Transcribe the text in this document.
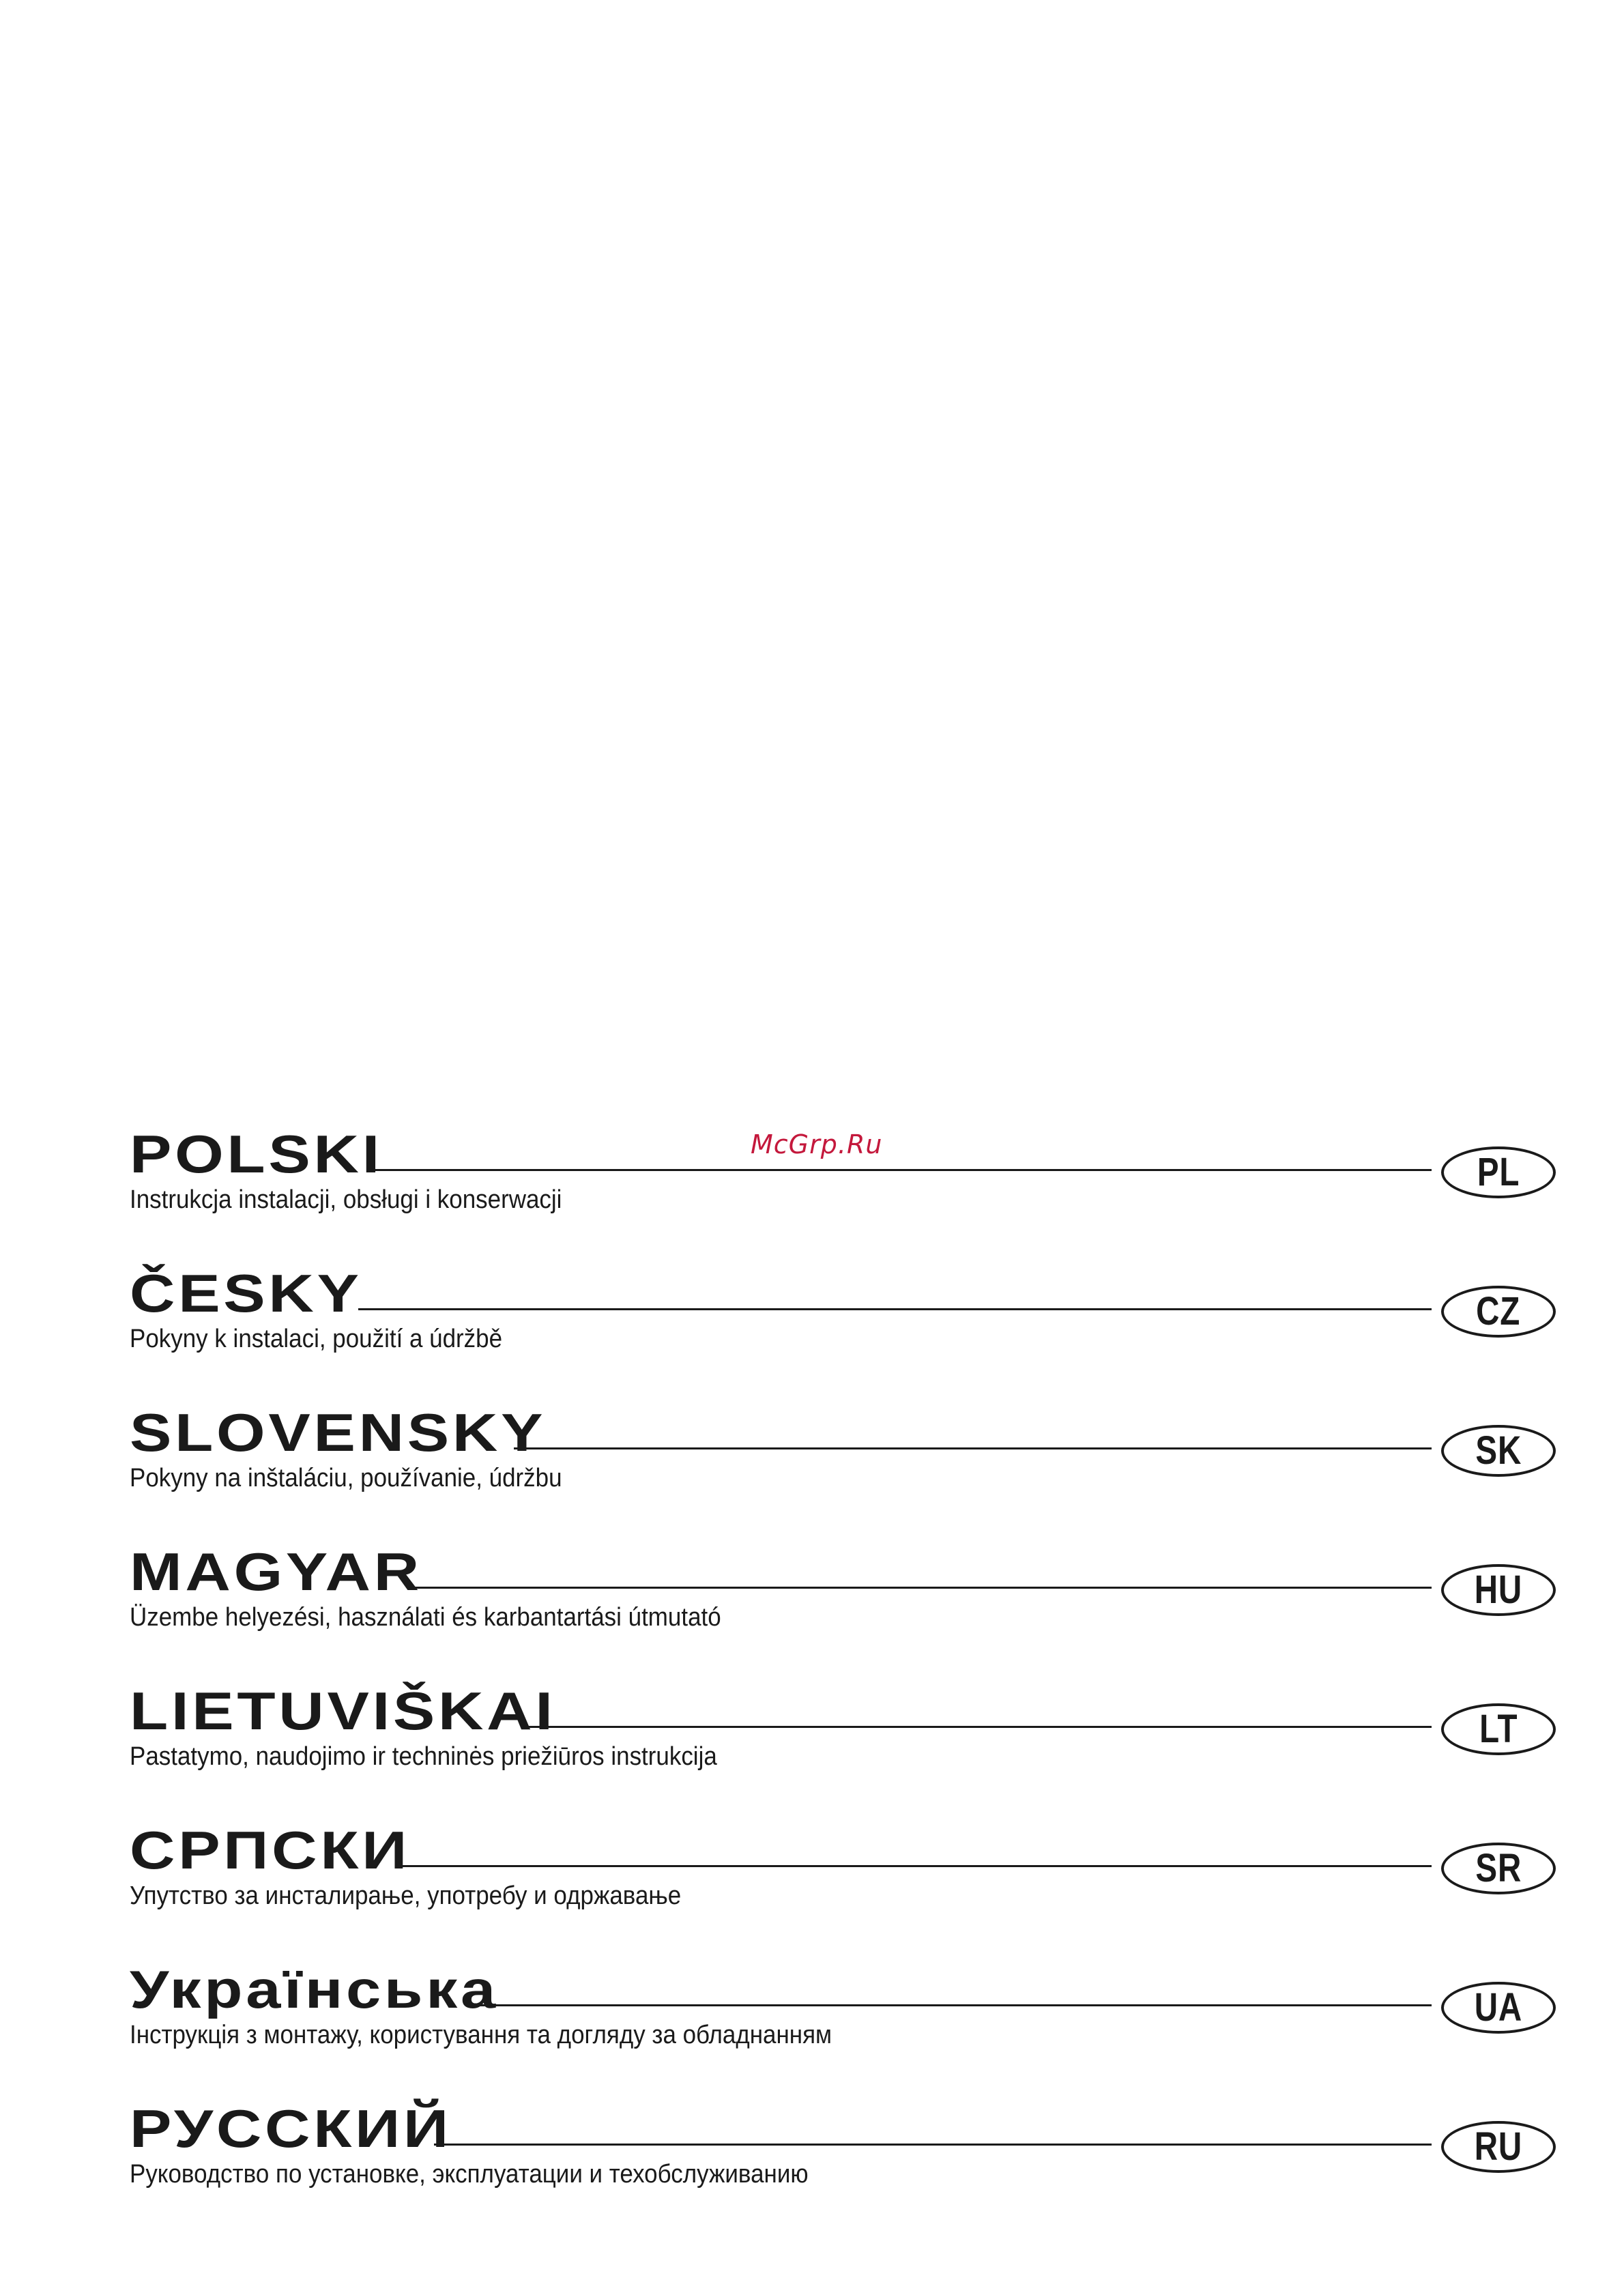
McGrp.Ru
POLSKI	PL
Instrukcja instalacji, obsługi i konserwacji
ČESKY	CZ
Pokyny k instalaci, použití a údržbě
SLOVENSKY	SK
Pokyny na inštaláciu, používanie, údržbu
MAGYAR	HU
Üzembe helyezési, használati és karbantartási útmutató
LIETUVIŠKAI	LT
Pastatymo, naudojimo ir techninės priežiūros instrukcija
СРПСКИ	SR
Упутство за инсталирање, употребу и одржавање
Українська	UA
Інструкція з монтажу, користування та догляду за обладнанням
РУССКИЙ	RU
Руководство по установке, эксплуатации и техобслуживанию
